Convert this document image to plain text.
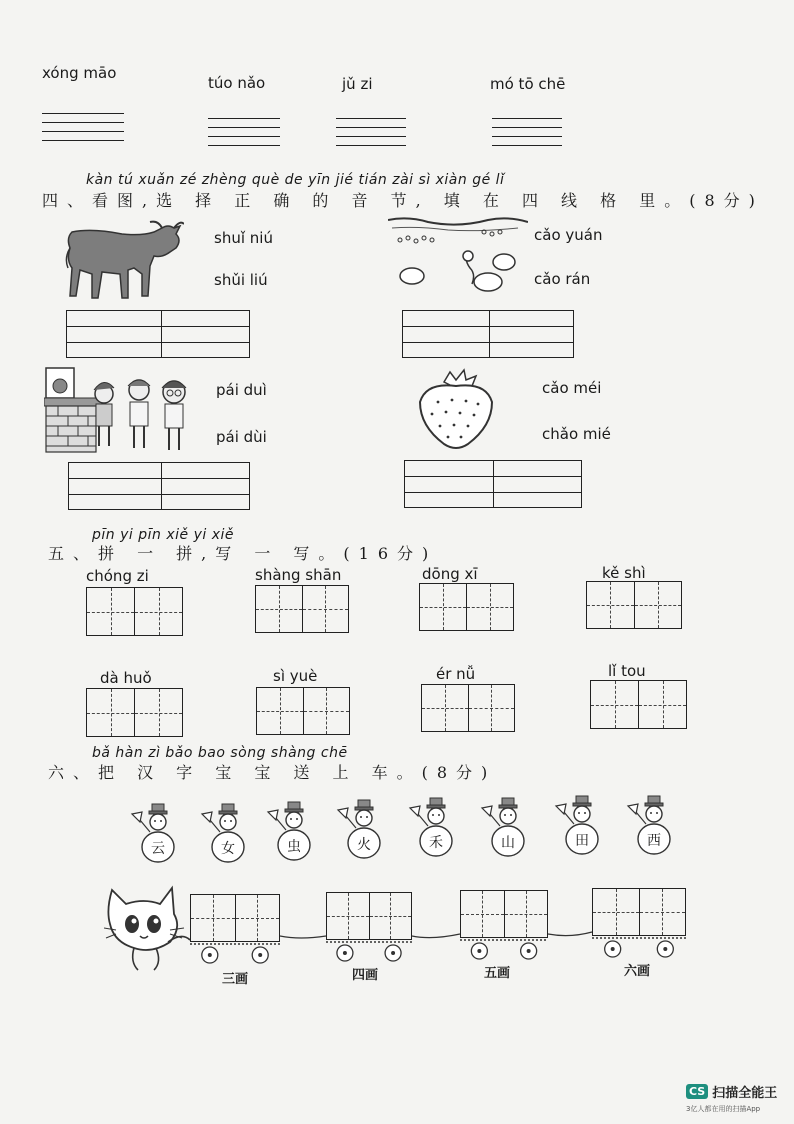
xóng māo
túo nǎo	jǔ zi	mó tō chē
kàn tú xuǎn zé zhèng què de yīn jié tián zài sì xiàn gé lǐ
四、看图,选 择 正 确 的 音 节, 填 在 四 线 格 里。(8分)
shuǐ niú
shǔi liú
cǎo yuán
cǎo rán
pái duì
pái dùi
cǎo méi
chǎo mié
pīn yi pīn xiě yi xiě
五、拼 一 拼,写 一 写。(16分)
chóng zi	shàng shān	dōng xī	kě shì
dà huǒ	sì yuè	ér nǚ	lǐ tou
bǎ hàn zì bǎo bao sòng shàng chē
六、把 汉 字 宝 宝 送 上 车。(8分)
云	女	虫	火	禾	山	田	西
三画	四画	五画	六画
CS 扫描全能王
3亿人都在用的扫描App
